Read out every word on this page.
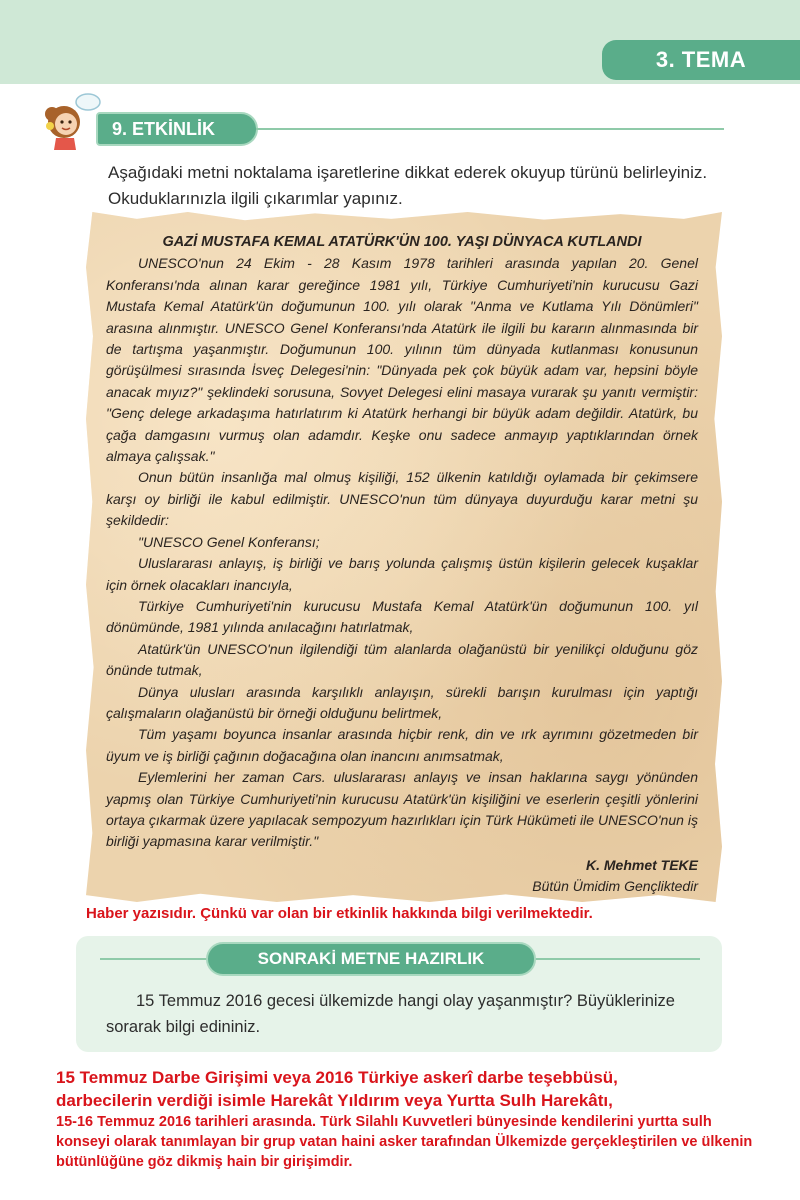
3. TEMA
9. ETKİNLİK
Aşağıdaki metni noktalama işaretlerine dikkat ederek okuyup türünü belirleyiniz. Okuduklarınızla ilgili çıkarımlar yapınız.
GAZİ MUSTAFA KEMAL ATATÜRK'ÜN 100. YAŞI DÜNYACA KUTLANDI
UNESCO'nun 24 Ekim - 28 Kasım 1978 tarihleri arasında yapılan 20. Genel Konferansı'nda alınan karar gereğince 1981 yılı, Türkiye Cumhuriyeti'nin kurucusu Gazi Mustafa Kemal Atatürk'ün doğumunun 100. yılı olarak "Anma ve Kutlama Yılı Dönümleri" arasına alınmıştır. UNESCO Genel Konferansı'nda Atatürk ile ilgili bu kararın alınmasında bir de tartışma yaşanmıştır. Doğumunun 100. yılının tüm dünyada kutlanması konusunun görüşülmesi sırasında İsveç Delegesi'nin: "Dünyada pek çok büyük adam var, hepsini böyle anacak mıyız?" şeklindeki sorusuna, Sovyet Delegesi elini masaya vurarak şu yanıtı vermiştir: "Genç delege arkadaşıma hatırlatırım ki Atatürk herhangi bir büyük adam değildir. Atatürk, bu çağa damgasını vurmuş olan adamdır. Keşke onu sadece anmayıp yaptıklarından örnek almaya çalışsak."
Onun bütün insanlığa mal olmuş kişiliği, 152 ülkenin katıldığı oylamada bir çekimsere karşı oy birliği ile kabul edilmiştir. UNESCO'nun tüm dünyaya duyurduğu karar metni şu şekildedir:
"UNESCO Genel Konferansı;
Uluslararası anlayış, iş birliği ve barış yolunda çalışmış üstün kişilerin gelecek kuşaklar için örnek olacakları inancıyla,
Türkiye Cumhuriyeti'nin kurucusu Mustafa Kemal Atatürk'ün doğumunun 100. yıl dönümünde, 1981 yılında anılacağını hatırlatmak,
Atatürk'ün UNESCO'nun ilgilendiği tüm alanlarda olağanüstü bir yenilikçi olduğunu göz önünde tutmak,
Dünya ulusları arasında karşılıklı anlayışın, sürekli barışın kurulması için yaptığı çalışmaların olağanüstü bir örneği olduğunu belirtmek,
Tüm yaşamı boyunca insanlar arasında hiçbir renk, din ve ırk ayrımını gözetmeden bir üyum ve iş birliği çağının doğacağına olan inancını anımsatmak,
Eylemlerini her zaman Cars. uluslararası anlayış ve insan haklarına saygı yönünden yapmış olan Türkiye Cumhuriyeti'nin kurucusu Atatürk'ün kişiliğini ve eserlerin çeşitli yönlerini ortaya çıkarmak üzere yapılacak sempozyum hazırlıkları için Türk Hükümeti ile UNESCO'nun iş birliği yapmasına karar verilmiştir."
K. Mehmet TEKE
Bütün Ümidim Gençliktedir
Haber yazısıdır. Çünkü var olan bir etkinlik hakkında bilgi verilmektedir.
SONRAKİ METNE HAZIRLIK
15 Temmuz 2016 gecesi ülkemizde hangi olay yaşanmıştır? Büyüklerinize sorarak bilgi edininiz.
15 Temmuz Darbe Girişimi veya 2016 Türkiye askerî darbe teşebbüsü,
darbecilerin verdiği isimle Harekât Yıldırım veya Yurtta Sulh Harekâtı,
15-16 Temmuz 2016 tarihleri arasında. Türk Silahlı Kuvvetleri bünyesinde kendilerini yurtta sulh konseyi olarak tanımlayan bir grup vatan haini asker tarafından Ülkemizde gerçekleştirilen ve ülkenin bütünlüğüne göz dikmiş hain bir girişimdir.
